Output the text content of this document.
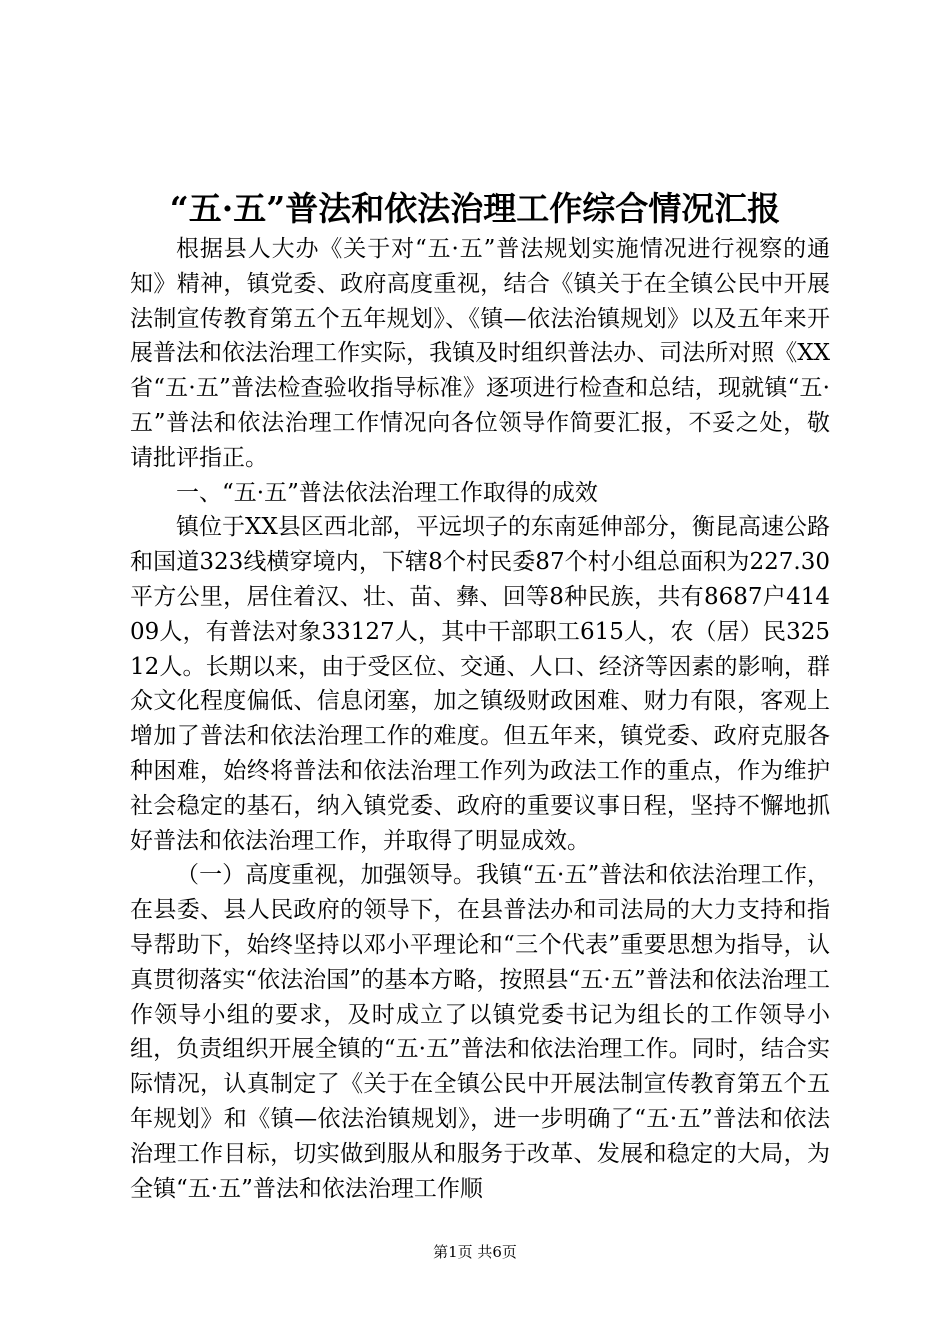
“五·五”普法和依法治理工作综合情况汇报

根据县人大办《关于对“五·五”普法规划实施情况进行视察的通知》精神，镇党委、政府高度重视，结合《镇关于在全镇公民中开展法制宣传教育第五个五年规划》、《镇—依法治镇规划》以及五年来开展普法和依法治理工作实际，我镇及时组织普法办、司法所对照《XX省“五·五”普法检查验收指导标准》逐项进行检查和总结，现就镇“五·五”普法和依法治理工作情况向各位领导作简要汇报，不妥之处，敬请批评指正。

一、“五·五”普法依法治理工作取得的成效

镇位于XX县区西北部，平远坝子的东南延伸部分，衡昆高速公路和国道323线横穿境内，下辖8个村民委87个村小组总面积为227.30平方公里，居住着汉、壮、苗、彝、回等8种民族，共有8687户41409人，有普法对象33127人，其中干部职工615人，农（居）民32512人。长期以来，由于受区位、交通、人口、经济等因素的影响，群众文化程度偏低、信息闭塞，加之镇级财政困难、财力有限，客观上增加了普法和依法治理工作的难度。但五年来，镇党委、政府克服各种困难，始终将普法和依法治理工作列为政法工作的重点，作为维护社会稳定的基石，纳入镇党委、政府的重要议事日程，坚持不懈地抓好普法和依法治理工作，并取得了明显成效。

（一）高度重视，加强领导。我镇“五·五”普法和依法治理工作，在县委、县人民政府的领导下，在县普法办和司法局的大力支持和指导帮助下，始终坚持以邓小平理论和“三个代表”重要思想为指导，认真贯彻落实“依法治国”的基本方略，按照县“五·五”普法和依法治理工作领导小组的要求，及时成立了以镇党委书记为组长的工作领导小组，负责组织开展全镇的“五·五”普法和依法治理工作。同时，结合实际情况，认真制定了《关于在全镇公民中开展法制宣传教育第五个五年规划》和《镇—依法治镇规划》，进一步明确了“五·五”普法和依法治理工作目标，切实做到服从和服务于改革、发展和稳定的大局，为全镇“五·五”普法和依法治理工作顺

第1页 共6页
